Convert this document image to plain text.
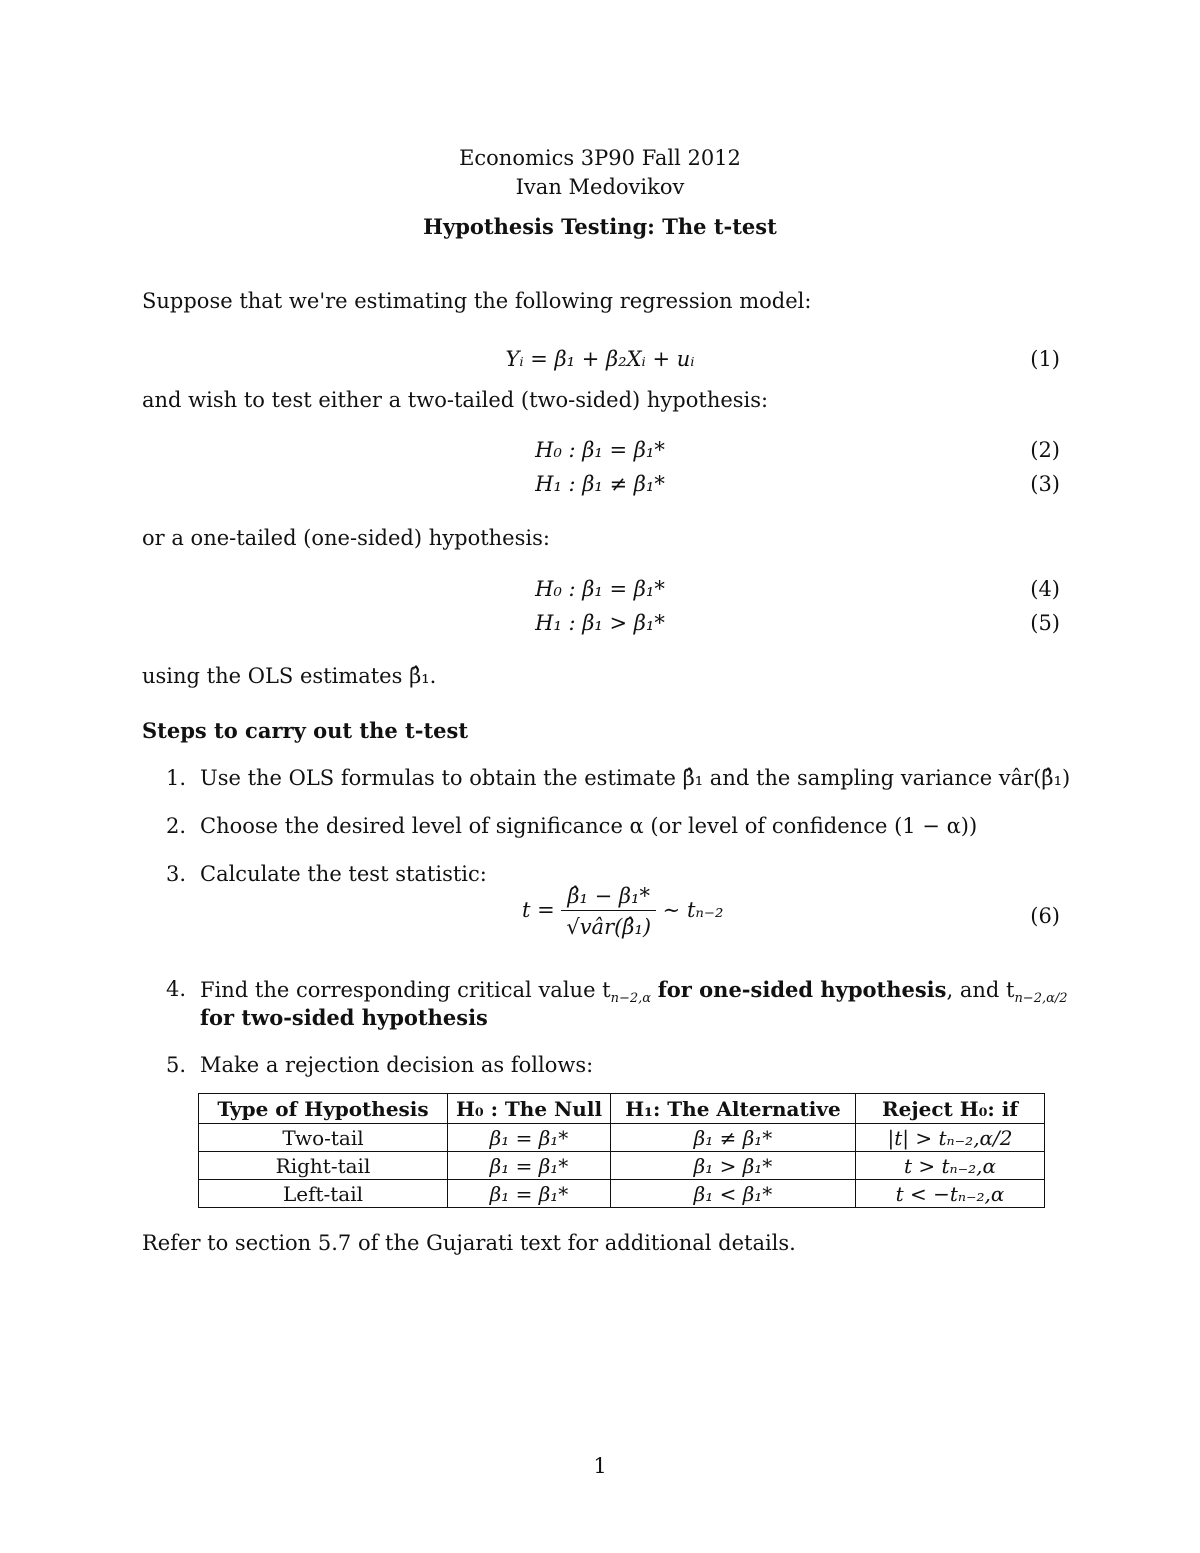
Economics 3P90 Fall 2012
Ivan Medovikov
Hypothesis Testing: The t-test
Suppose that we're estimating the following regression model:
Yᵢ = β₁ + β₂Xᵢ + uᵢ	(1)
and wish to test either a two-tailed (two-sided) hypothesis:
H₀ : β₁ = β₁*	(2)
H₁ : β₁ ≠ β₁*	(3)
or a one-tailed (one-sided) hypothesis:
H₀ : β₁ = β₁*	(4)
H₁ : β₁ > β₁*	(5)
using the OLS estimates β̂₁.
Steps to carry out the t-test
1. Use the OLS formulas to obtain the estimate β̂₁ and the sampling variance vâr(β̂₁)
2. Choose the desired level of significance α (or level of confidence (1 − α))
3. Calculate the test statistic:
$t = \frac{\text{β̂₁ − β₁*}}{\text{√vâr(β̂₁)}}$ ∼ tₙ₋₂	(6)
4. Find the corresponding critical value $t_{n-2,\alpha}$ for one-sided hypothesis, and $t_{n-2,\alpha/2}$
for two-sided hypothesis
5. Make a rejection decision as follows:
Type of Hypothesis	H₀ : The Null	H₁: The Alternative	Reject H₀: if
Two-tail	β₁ = β₁*	β₁ ≠ β₁*	|t| > tₙ₋₂,α/2
Right-tail	β₁ = β₁*	β₁ > β₁*	t > tₙ₋₂,α
Left-tail	β₁ = β₁*	β₁ < β₁*	t < −tₙ₋₂,α
Refer to section 5.7 of the Gujarati text for additional details.
1
